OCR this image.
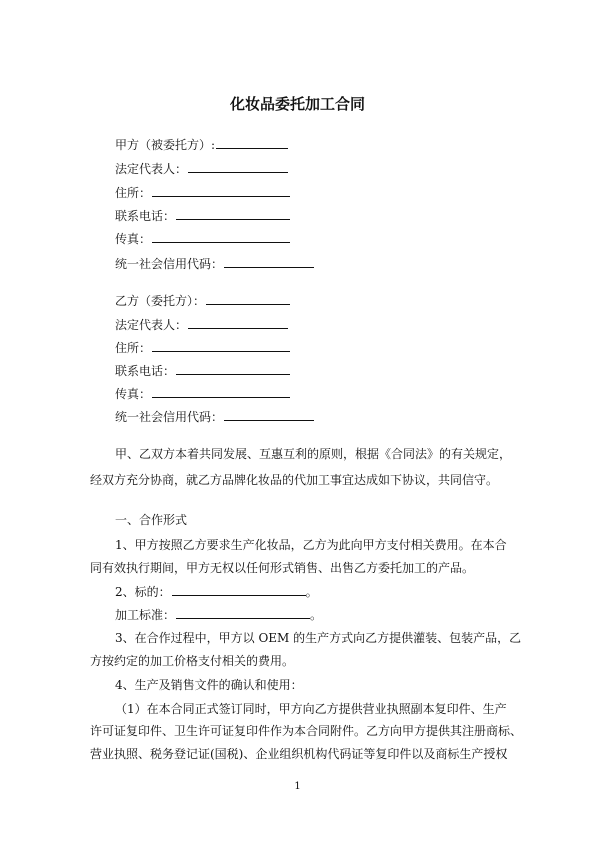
化妆品委托加工合同
甲方（被委托方）:
法定代表人：
住所：
联系电话：
传真：
统一社会信用代码：
乙方（委托方）：
法定代表人：
住所：
联系电话：
传真：
统一社会信用代码：
甲、乙双方本着共同发展、互惠互利的原则，根据《合同法》的有关规定，
经双方充分协商，就乙方品牌化妆品的代加工事宜达成如下协议，共同信守。
一、合作形式
1、甲方按照乙方要求生产化妆品，乙方为此向甲方支付相关费用。在本合
同有效执行期间，甲方无权以任何形式销售、出售乙方委托加工的产品。
2、标的：	。
加工标准：	。
3、在合作过程中，甲方以 OEM 的生产方式向乙方提供灌装、包装产品，乙
方按约定的加工价格支付相关的费用。
4、生产及销售文件的确认和使用：
（1）在本合同正式签订同时，甲方向乙方提供营业执照副本复印件、生产
许可证复印件、卫生许可证复印件作为本合同附件。乙方向甲方提供其注册商标、
营业执照、税务登记证(国税)、企业组织机构代码证等复印件以及商标生产授权
1
